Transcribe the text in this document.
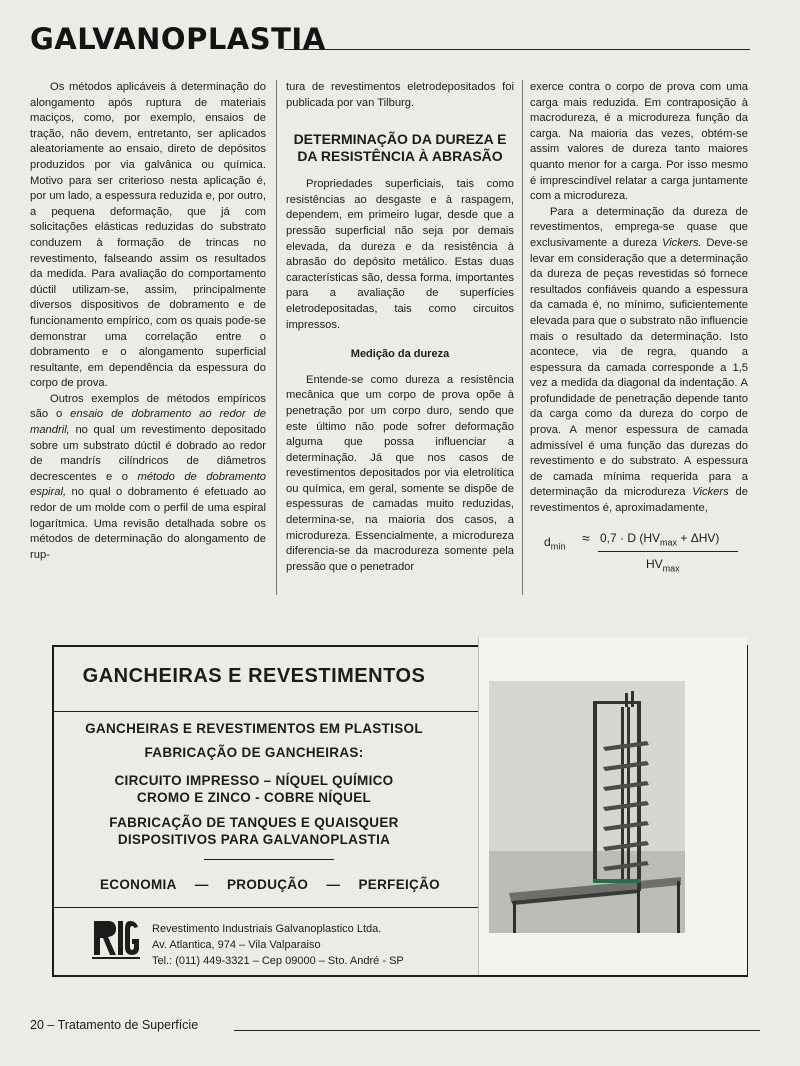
GALVANOPLASTIA

Os métodos aplicáveis à determinação do alongamento após ruptura de materiais maciços, como, por exemplo, ensaios de tração, não devem, entretanto, ser aplicados aleatoriamente ao ensaio, direto de depósitos produzidos por via galvânica ou química. Motivo para ser criterioso nesta aplicação é, por um lado, a espessura reduzida e, por outro, a pequena deformação, que já com solicitações elásticas reduzidas do substrato conduzem à formação de trincas no revestimento, falseando assim os resultados da medida. Para avaliação do comportamento dúctil utilizam-se, assim, principalmente diversos dispositivos de dobramento e de funcionamento empírico, com os quais pode-se demonstrar uma correlação entre o dobramento e o alongamento superficial resultante, em dependência da espessura do corpo de prova.

Outros exemplos de métodos empíricos são o ensaio de dobramento ao redor de mandril, no qual um revestimento depositado sobre um substrato dúctil é dobrado ao redor de mandrís cilíndricos de diâmetros decrescentes e o método de dobramento espiral, no qual o dobramento é efetuado ao redor de um molde com o perfil de uma espiral logarítmica. Uma revisão detalhada sobre os métodos de determinação do alongamento de rup-

tura de revestimentos eletrodepositados foi publicada por van Tilburg.

DETERMINAÇÃO DA DUREZA E DA RESISTÊNCIA À ABRASÃO

Propriedades superficiais, tais como resistências ao desgaste e à raspagem, dependem, em primeiro lugar, desde que a pressão superficial não seja por demais elevada, da dureza e da resistência à abrasão do depósito metálico. Estas duas características são, dessa forma, importantes para a avaliação de superfícies eletrodepositadas, tais como circuitos impressos.

Medição da dureza

Entende-se como dureza a resistência mecânica que um corpo de prova opõe à penetração por um corpo duro, sendo que este último não pode sofrer deformação alguma que possa influenciar a determinação. Já que nos casos de revestimentos depositados por via eletrolítica ou química, em geral, somente se dispõe de espessuras de camadas muito reduzidas, determina-se, na maioria dos casos, a microdureza. Essencialmente, a microdureza diferencia-se da macrodureza somente pela pressão que o penetrador

exerce contra o corpo de prova com uma carga mais reduzida. Em contraposição à macrodureza, é a microdureza função da carga. Na maioria das vezes, obtém-se assim valores de dureza tanto maiores quanto menor for a carga. Por isso mesmo é imprescindível relatar a carga juntamente com a microdureza.

Para a determinação da dureza de revestimentos, emprega-se quase que exclusivamente a dureza Vickers. Deve-se levar em consideração que a determinação da dureza de peças revestidas só fornece resultados confiáveis quando a espessura da camada é, no mínimo, suficientemente elevada para que o substrato não influencie mais o resultado da determinação. Isto acontece, via de regra, quando a espessura da camada corresponde a 1,5 vez a medida da diagonal da indentação. A profundidade de penetração depende tanto da carga como da dureza do corpo de prova. A menor espessura de camada admissível é uma função das durezas do revestimento e do substrato. A espessura de camada mínima requerida para a determinação da microdureza Vickers de revestimentos é, aproximadamente,

$d_{mín}$
≈ 0,7 · D $(HV_{max} + \Delta HV)$
$HV_{max}$
GANCHEIRAS E REVESTIMENTOS
GANCHEIRAS E REVESTIMENTOS EM PLASTISOL
FABRICAÇÃO DE GANCHEIRAS:
CIRCUITO IMPRESSO – NÍQUEL QUÍMICO
CROMO E ZINCO - COBRE NÍQUEL
FABRICAÇÃO DE TANQUES E QUAISQUER
DISPOSITIVOS PARA GALVANOPLASTIA
ECONOMIA — PRODUÇÃO — PERFEIÇÃO
Revestimento Industriais Galvanoplastico Ltda.
Av. Atlantica, 974 – Vila Valparaiso
Tel.: (011) 449-3321 – Cep 09000 – Sto. André - SP
20 – Tratamento de Superfície
